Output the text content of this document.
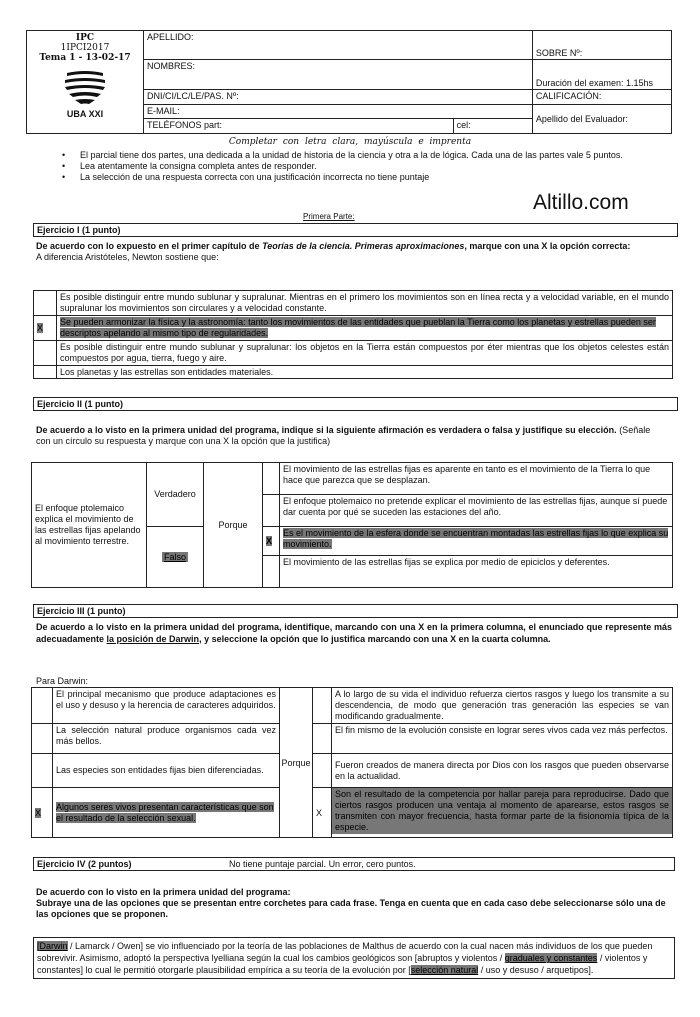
IPC
1IPCI2017
Tema 1 - 13-02-17
UBA XXI	APELLIDO:		SOBRE Nº:
	NOMBRES:		Duración del examen: 1.15hs
	DNI/CI/LC/LE/PAS. Nº:		CALIFICACIÓN:
	E-MAIL:		Apellido del Evaluador:
	TELÉFONOS part:	cel:	
Completar con letra clara, mayúscula e imprenta
• El parcial tiene dos partes, una dedicada a la unidad de historia de la ciencia y otra a la de lógica. Cada una de las partes vale 5 puntos.
• Lea atentamente la consigna completa antes de responder.
• La selección de una respuesta correcta con una justificación incorrecta no tiene puntaje
Altillo.com
Primera Parte:
Ejercicio I (1 punto)
De acuerdo con lo expuesto en el primer capítulo de Teorías de la ciencia. Primeras aproximaciones, marque con una X la opción correcta:
A diferencia Aristóteles, Newton sostiene que:
	Es posible distinguir entre mundo sublunar y supralunar. Mientras en el primero los movimientos son en línea recta y a velocidad variable, en el mundo supralunar los movimientos son circulares y a velocidad constante.
X	Se pueden armonizar la física y la astronomía: tanto los movimientos de las entidades que pueblan la Tierra como los planetas y estrellas pueden ser descriptos apelando al mismo tipo de regularidades.
	Es posible distinguir entre mundo sublunar y supralunar: los objetos en la Tierra están compuestos por éter mientras que los objetos celestes están compuestos por agua, tierra, fuego y aire.
	Los planetas y las estrellas son entidades materiales.
Ejercicio II (1 punto)
De acuerdo a lo visto en la primera unidad del programa, indique si la siguiente afirmación es verdadera o falsa y justifique su elección. (Señale con un círculo su respuesta y marque con una X la opción que la justifica)
El enfoque ptolemaico explica el movimiento de las estrellas fijas apelando al movimiento terrestre.	Verdadero	Porque		El movimiento de las estrellas fijas es aparente en tanto es el movimiento de la Tierra lo que hace que parezca que se desplazan.
				El enfoque ptolemaico no pretende explicar el movimiento de las estrellas fijas, aunque sí puede dar cuenta por qué se suceden las estaciones del año.
	Falso		X	Es el movimiento de la esfera donde se encuentran montadas las estrellas fijas lo que explica su movimiento.
				El movimiento de las estrellas fijas se explica por medio de epiciclos y deferentes.
Ejercicio III (1 punto)
De acuerdo a lo visto en la primera unidad del programa, identifique, marcando con una X en la primera columna, el enunciado que represente más adecuadamente la posición de Darwin, y seleccione la opción que lo justifica marcando con una X en la cuarta columna.
Para Darwin:
	El principal mecanismo que produce adaptaciones es el uso y desuso y la herencia de caracteres adquiridos.	Porque		A lo largo de su vida el individuo refuerza ciertos rasgos y luego los transmite a su descendencia, de modo que generación tras generación las especies se van modificando gradualmente.
	La selección natural produce organismos cada vez más bellos.			El fin mismo de la evolución consiste en lograr seres vivos cada vez más perfectos.
	Las especies son entidades fijas bien diferenciadas.			Fueron creados de manera directa por Dios con los rasgos que pueden observarse en la actualidad.
X	Algunos seres vivos presentan características que son el resultado de la selección sexual.		X	Son el resultado de la competencia por hallar pareja para reproducirse. Dado que ciertos rasgos producen una ventaja al momento de aparearse, estos rasgos se transmiten con mayor frecuencia, hasta formar parte de la fisionomía típica de la especie.
Ejercicio IV (2 puntos)	No tiene puntaje parcial. Un error, cero puntos.
De acuerdo con lo visto en la primera unidad del programa:
Subraye una de las opciones que se presentan entre corchetes para cada frase. Tenga en cuenta que en cada caso debe seleccionarse sólo una de las opciones que se proponen.
[Darwin / Lamarck / Owen] se vio influenciado por la teoría de las poblaciones de Malthus de acuerdo con la cual nacen más individuos de los que pueden sobrevivir. Asimismo, adoptó la perspectiva lyelliana según la cual los cambios geológicos son [abruptos y violentos / graduales y constantes / violentos y constantes] lo cual le permitió otorgarle plausibilidad empírica a su teoría de la evolución por [selección natural / uso y desuso / arquetipos].
